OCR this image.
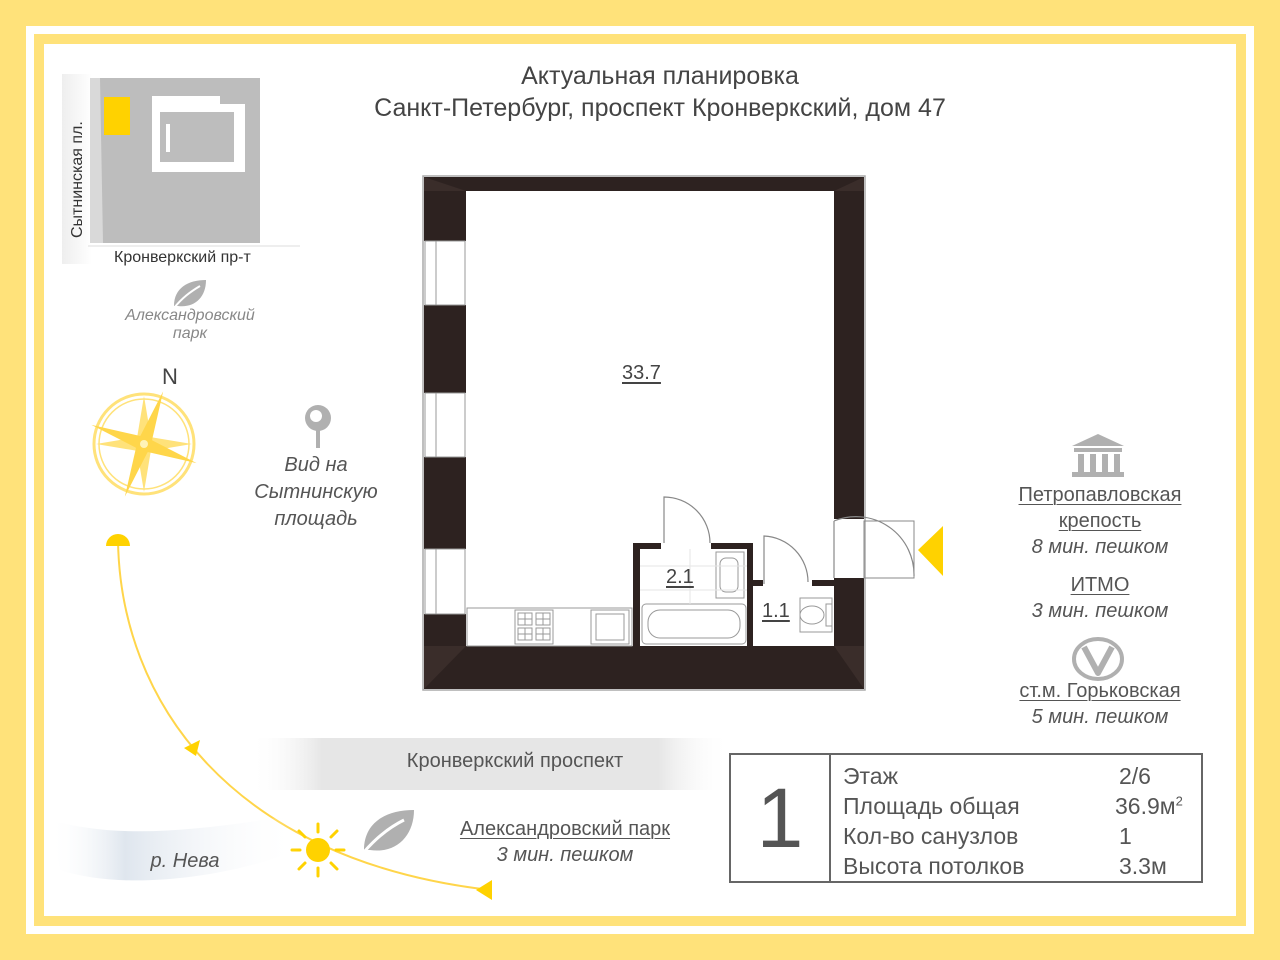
Актуальная планировка
Санкт-Петербург, проспект Кронверкский, дом 47
Сытнинская пл.
Кронверкский пр-т
Александровский
парк
N
Вид на
Сытнинскую
площадь
33.7
2.1
1.1
Петропавловская
крепость
8 мин. пешком
ИТМО
3 мин. пешком
ст.м. Горьковская
5 мин. пешком
Кронверкский проспект
Александровский парк
3 мин. пешком
р. Нева	1	Этаж	2/6
Площадь общая	$36.9м^2$
Кол-во санузлов	1
Высота потолков	3.3м
